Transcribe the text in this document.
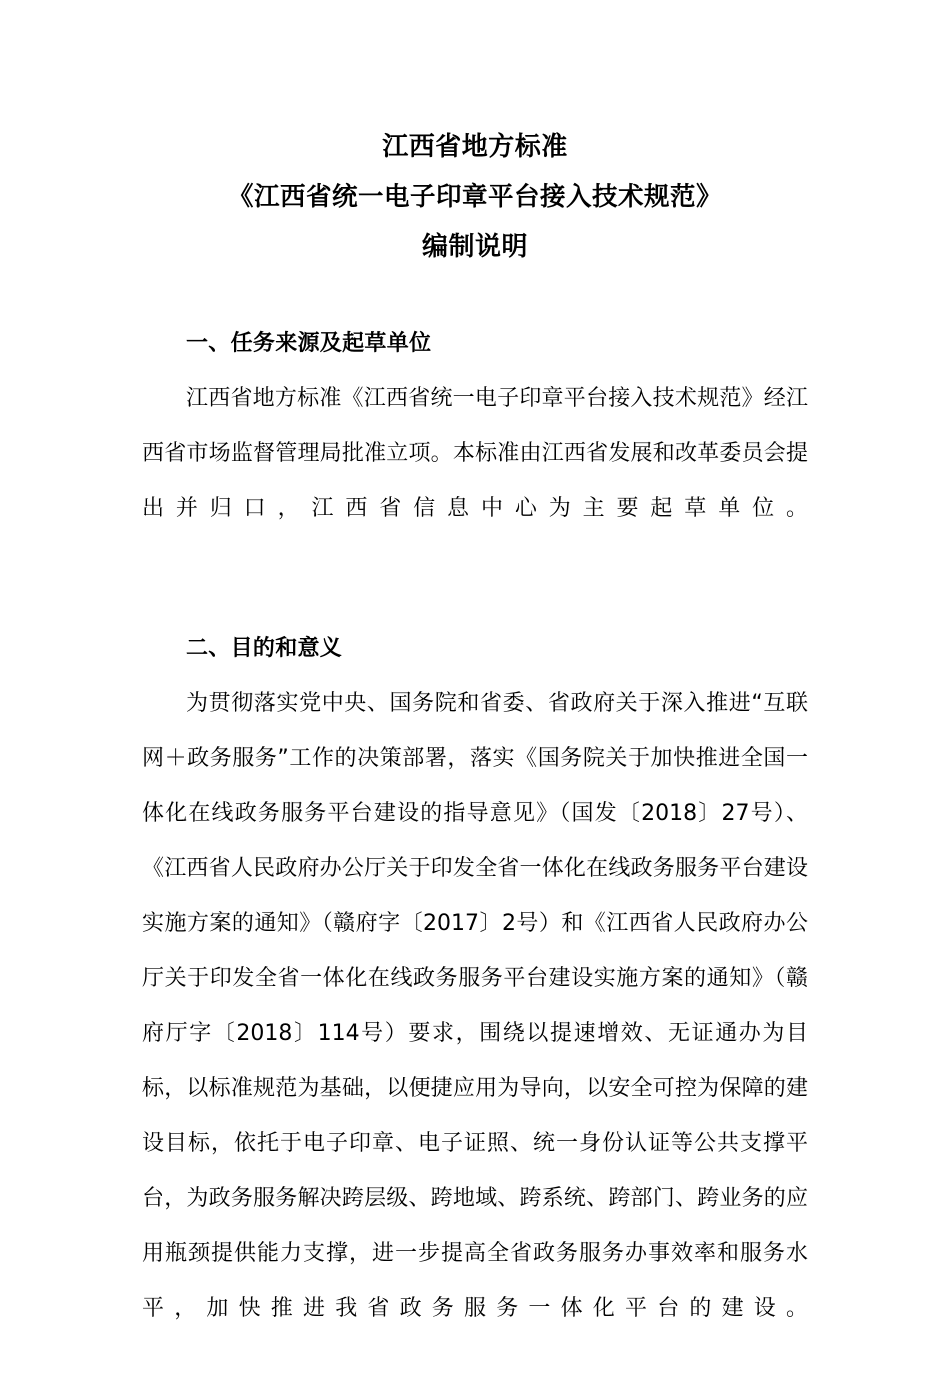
江西省地方标准
《江西省统一电子印章平台接入技术规范》
编制说明
一、任务来源及起草单位

江西省地方标准《江西省统一电子印章平台接入技术规范》经江西省市场监督管理局批准立项。本标准由江西省发展和改革委员会提出并归口，江西省信息中心为主要起草单位。

二、目的和意义

为贯彻落实党中央、国务院和省委、省政府关于深入推进“互联网＋政务服务”工作的决策部署，落实《国务院关于加快推进全国一体化在线政务服务平台建设的指导意见》（国发〔2018〕27号）、《江西省人民政府办公厅关于印发全省一体化在线政务服务平台建设实施方案的通知》（赣府字〔2017〕2号）和《江西省人民政府办公厅关于印发全省一体化在线政务服务平台建设实施方案的通知》（赣府厅字〔2018〕114号）要求，围绕以提速增效、无证通办为目标，以标准规范为基础，以便捷应用为导向，以安全可控为保障的建设目标，依托于电子印章、电子证照、统一身份认证等公共支撑平台，为政务服务解决跨层级、跨地域、跨系统、跨部门、跨业务的应用瓶颈提供能力支撑，进一步提高全省政务服务办事效率和服务水平，加快推进我省政务服务一体化平台的建设。
